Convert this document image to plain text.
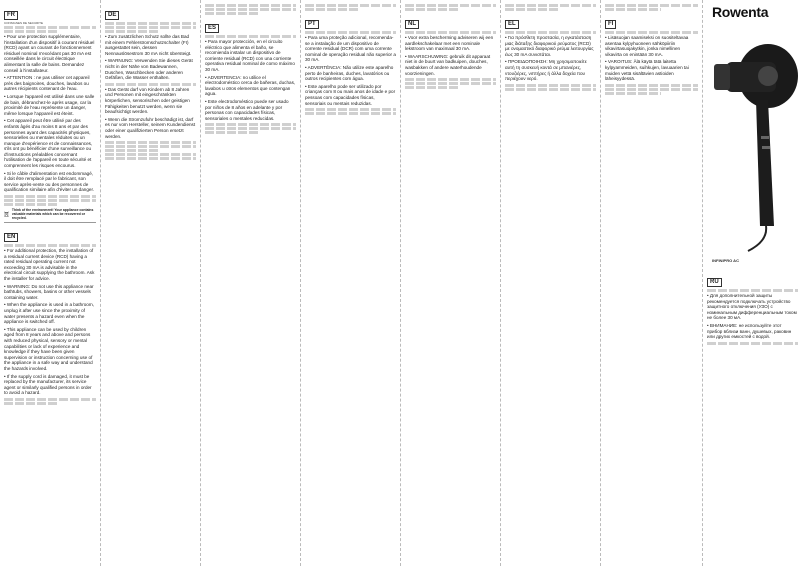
FR
CONSIGNES DE SECURITE
• Pour une protection supplémentaire, l'installation d'un dispositif à courant résiduel (RCD) ayant un courant de fonctionnement résiduel nominal n'excédant pas 30 mA est conseillée dans le circuit électrique alimentant la salle de bains. Demandez conseil à l'installateur.
• ATTENTION : ne pas utiliser cet appareil près des baignoires, douches, lavabos ou autres récipients contenant de l'eau.
• Lorsque l'appareil est utilisé dans une salle de bain, débranchez-le après usage, car la proximité de l'eau représente un danger, même lorsque l'appareil est éteint.
• Cet appareil peut être utilisé par des enfants âgés d'au moins 8 ans et par des personnes ayant des capacités physiques, sensorielles ou mentales réduites ou un manque d'expérience et de connaissances, s'ils ont pu bénéficier d'une surveillance ou d'instructions préalables concernant l'utilisation de l'appareil en toute sécurité et comprennent les risques encourus.
• Si le câble d'alimentation est endommagé, il doit être remplacé par le fabricant, son service après-vente ou des personnes de qualification similaire afin d'éviter un danger.
Think of the environment! Your appliance contains valuable materials which can be recovered or recycled.
EN
• For additional protection, the installation of a residual current device (RCD) having a rated residual operating current not exceeding 30 mA is advisable in the electrical circuit supplying the bathroom. Ask the installer for advice.
• WARNING: Do not use this appliance near bathtubs, showers, basins or other vessels containing water.
• When the appliance is used in a bathroom, unplug it after use since the proximity of water presents a hazard even when the appliance is switched off.
• This appliance can be used by children aged from 8 years and above and persons with reduced physical, sensory or mental capabilities or lack of experience and knowledge if they have been given supervision or instruction concerning use of the appliance in a safe way and understand the hazards involved.
• If the supply cord is damaged, it must be replaced by the manufacturer, its service agent or similarly qualified persons in order to avoid a hazard.
DE
• Zum zusätzlichen Schutz sollte das Bad mit einem Fehlerstromschutzschalter (FI) ausgestattet sein, dessen Nennauslösestrom 30 mA nicht übersteigt.
• WARNUNG: Verwenden Sie dieses Gerät nicht in der Nähe von Badewannen, Duschen, Waschbecken oder anderen Gefäßen, die Wasser enthalten.
• Das Gerät darf von Kindern ab 8 Jahren und Personen mit eingeschränkten körperlichen, sensorischen oder geistigen Fähigkeiten benutzt werden, wenn sie beaufsichtigt werden.
• Wenn die Stromzufuhr beschädigt ist, darf es nur vom Hersteller, seinem Kundendienst oder einer qualifizierten Person ersetzt werden.
ES
• Para mayor protección, en el circuito eléctrico que alimenta el baño, se recomienda instalar un dispositivo de corriente residual (RCD) con una corriente operativa residual nominal de como máximo 30 mA.
• ADVERTENCIA: no utilice el electrodoméstico cerca de bañeras, duchas, lavabos u otros elementos que contengan agua.
• Este electrodoméstico puede ser usado por niños de 8 años en adelante y por personas con capacidades físicas, sensoriales o mentales reducidas.
PT
• Para uma proteção adicional, recomenda-se a instalação de um dispositivo de corrente residual (DCR) com uma corrente nominal de operação residual não superior a 30 mA.
• ADVERTÊNCIA: Não utilize este aparelho perto de banheiras, duches, lavatórios ou outros recipientes com água.
• Este aparelho pode ser utilizado por crianças com 8 ou mais anos de idade e por pessoas com capacidades físicas, sensoriais ou mentais reduzidas.
NL
• Voor extra bescherming adviseren wij een aardlekschakelaar met een nominale lekstroom van maximaal 30 mA.
• WAARSCHUWING: gebruik dit apparaat niet in de buurt van badkuipen, douches, wasbakken of andere waterhoudende voorzieningen.
EL
• Για πρόσθετη προστασία, η εγκατάσταση μιας διάταξης διαφορικού ρεύματος (RCD) με ονομαστικό διαφορικό ρεύμα λειτουργίας έως 30 mA συνιστάται.
• ΠΡΟΕΙΔΟΠΟΙΗΣΗ: Μη χρησιμοποιείτε αυτή τη συσκευή κοντά σε μπανιέρες, ντουζιέρες, νιπτήρες ή άλλα δοχεία που περιέχουν νερό.
FI
• Lisäsuojan saamiseksi on suositeltavaa asentaa kylpyhuoneen sähköpiiriin vikavirtasuojakytkin, jonka nimellinen vikavirta on enintään 30 mA.
• VAROITUS: Älä käytä tätä laitetta kylpyammeiden, suihkujen, lavuaarien tai muiden vettä sisältävien astioiden läheisyydessä.
RU
• Для дополнительной защиты рекомендуется подключать устройство защитного отключения (УЗО) с номинальным дифференциальным током не более 30 мА.
• ВНИМАНИЕ: не используйте этот прибор вблизи ванн, душевых, раковин или других емкостей с водой.
Rowenta
INFINIPRO AC
